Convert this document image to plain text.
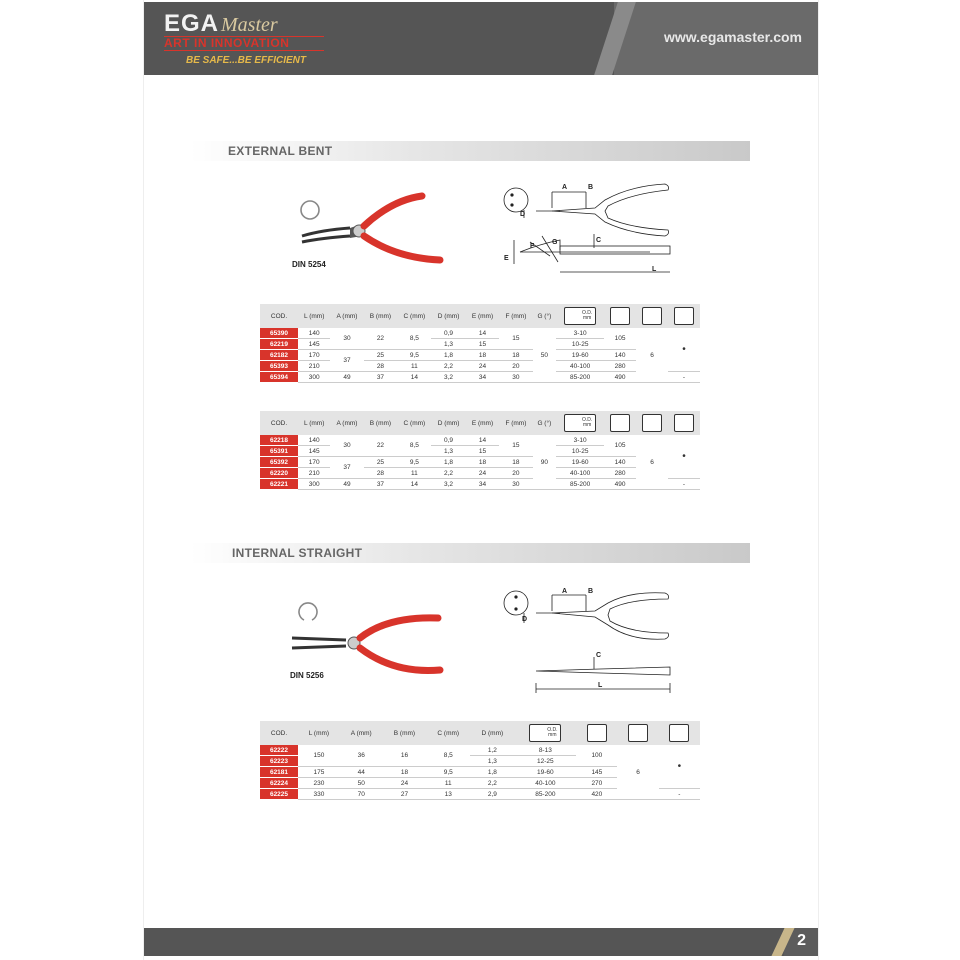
EGA Master
ART IN INNOVATION
BE SAFE...BE EFFICIENT
www.egamaster.com
EXTERNAL BENT
DIN 5254
A	B
D
C
L
E
F
G
COD.	L (mm)	A (mm)	B (mm)	C (mm)	D (mm)	E (mm)	F (mm)	G (°)	O.D. mm			

65390	140	30	22	8,5	0,9	14	15	50	3-10	105	6	•
62219	145				1,3	15			10-25			
62182	170	37	25	9,5	1,8	18	18		19-60	140		
65393	210		28	11	2,2	24	20		40-100	280		
65394	300	49	37	14	3,2	34	30		85-200	490		-
COD.	L (mm)	A (mm)	B (mm)	C (mm)	D (mm)	E (mm)	F (mm)	G (°)	O.D. mm			

62218	140	30	22	8,5	0,9	14	15	90	3-10	105	6	•
65391	145				1,3	15			10-25			
65392	170	37	25	9,5	1,8	18	18		19-60	140		
62220	210		28	11	2,2	24	20		40-100	280		
62221	300	49	37	14	3,2	34	30		85-200	490		-
INTERNAL STRAIGHT
DIN 5256
A	B
D
C
L
COD.	L (mm)	A (mm)	B (mm)	C (mm)	D (mm)	O.D. mm			

62222	150	36	16	8,5	1,2	8-13	100	6	•
62223					1,3	12-25			
62181	175	44	18	9,5	1,8	19-60	145		
62224	230	50	24	11	2,2	40-100	270		
62225	330	70	27	13	2,9	85-200	420		-
2
